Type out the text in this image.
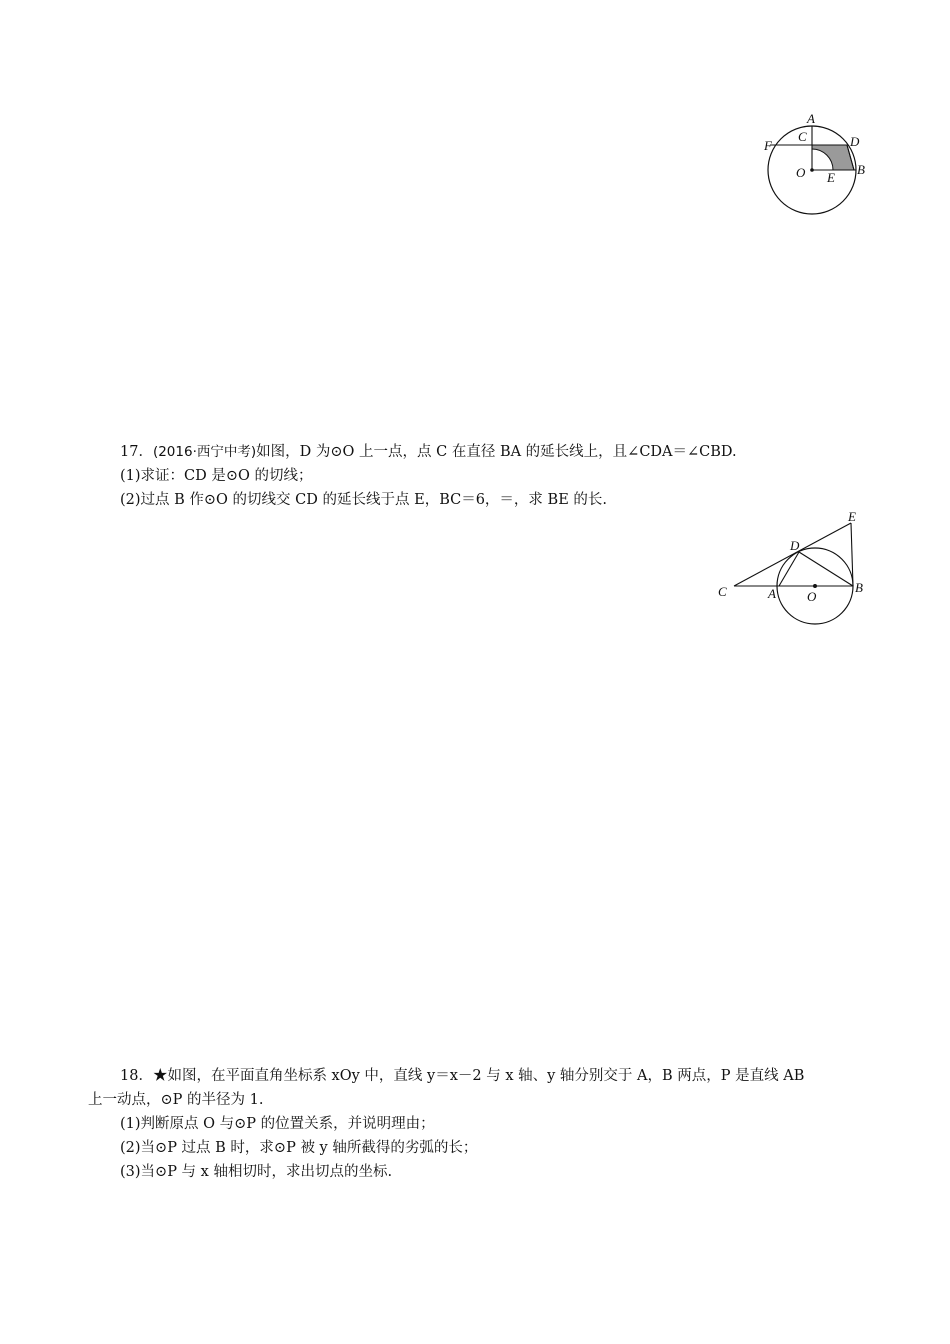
A
C	D
F
O E
B
17．(2016·西宁中考)如图，D 为⊙O 上一点，点 C 在直径 BA 的延长线上，且∠CDA＝∠CBD.
(1)求证：CD 是⊙O 的切线；
(2)过点 B 作⊙O 的切线交 CD 的延长线于点 E，BC＝6，＝，求 BE 的长.
E
D
C	A O
B
18．★如图，在平面直角坐标系 xOy 中，直线 y＝x－2 与 x 轴、y 轴分别交于 A，B 两点，P 是直线 AB
上一动点，⊙P 的半径为 1.
(1)判断原点 O 与⊙P 的位置关系，并说明理由；
(2)当⊙P 过点 B 时，求⊙P 被 y 轴所截得的劣弧的长；
(3)当⊙P 与 x 轴相切时，求出切点的坐标.
